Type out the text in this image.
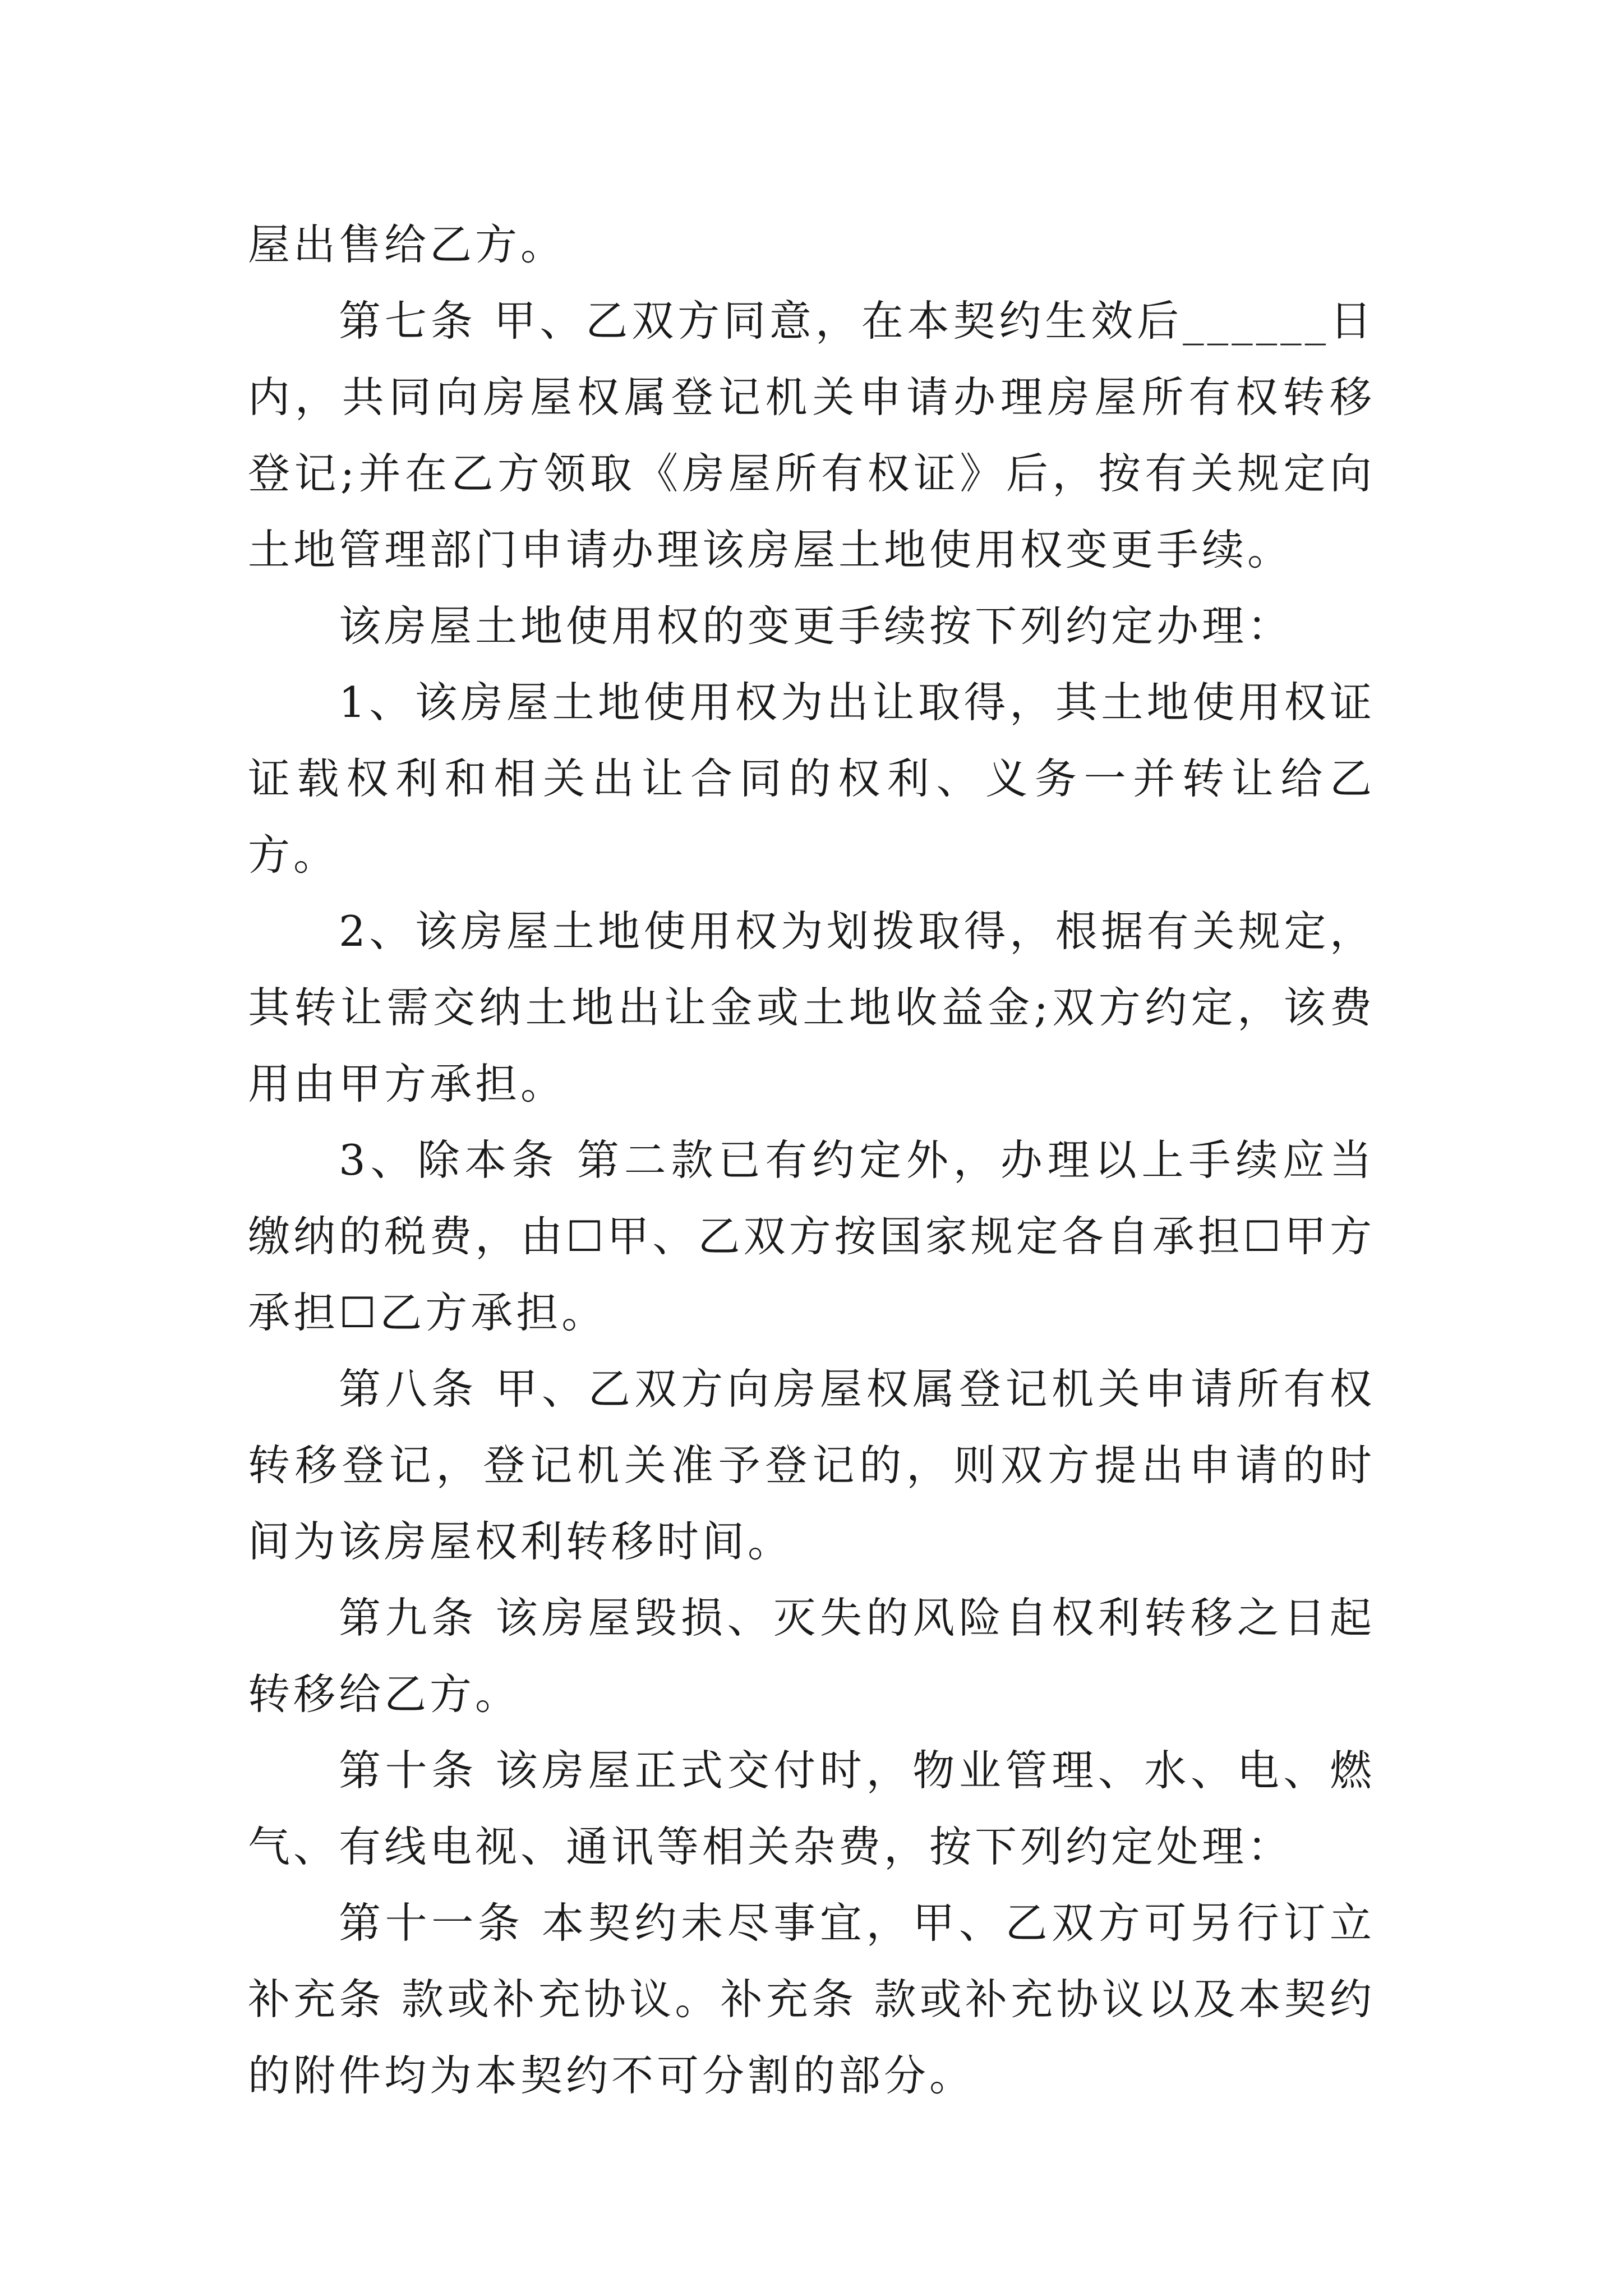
屋出售给乙方。

第七条 甲、乙双方同意，在本契约生效后______日内，共同向房屋权属登记机关申请办理房屋所有权转移登记;并在乙方领取《房屋所有权证》后，按有关规定向土地管理部门申请办理该房屋土地使用权变更手续。

该房屋土地使用权的变更手续按下列约定办理：

1、该房屋土地使用权为出让取得，其土地使用权证证载权利和相关出让合同的权利、义务一并转让给乙方。

2、该房屋土地使用权为划拨取得，根据有关规定，其转让需交纳土地出让金或土地收益金;双方约定，该费用由甲方承担。

3、除本条 第二款已有约定外，办理以上手续应当缴纳的税费，由☐甲、乙双方按国家规定各自承担☐甲方承担☐乙方承担。

第八条 甲、乙双方向房屋权属登记机关申请所有权转移登记，登记机关准予登记的，则双方提出申请的时间为该房屋权利转移时间。

第九条 该房屋毁损、灭失的风险自权利转移之日起转移给乙方。

第十条 该房屋正式交付时，物业管理、水、电、燃气、有线电视、通讯等相关杂费，按下列约定处理：

第十一条 本契约未尽事宜，甲、乙双方可另行订立补充条 款或补充协议。补充条 款或补充协议以及本契约的附件均为本契约不可分割的部分。
